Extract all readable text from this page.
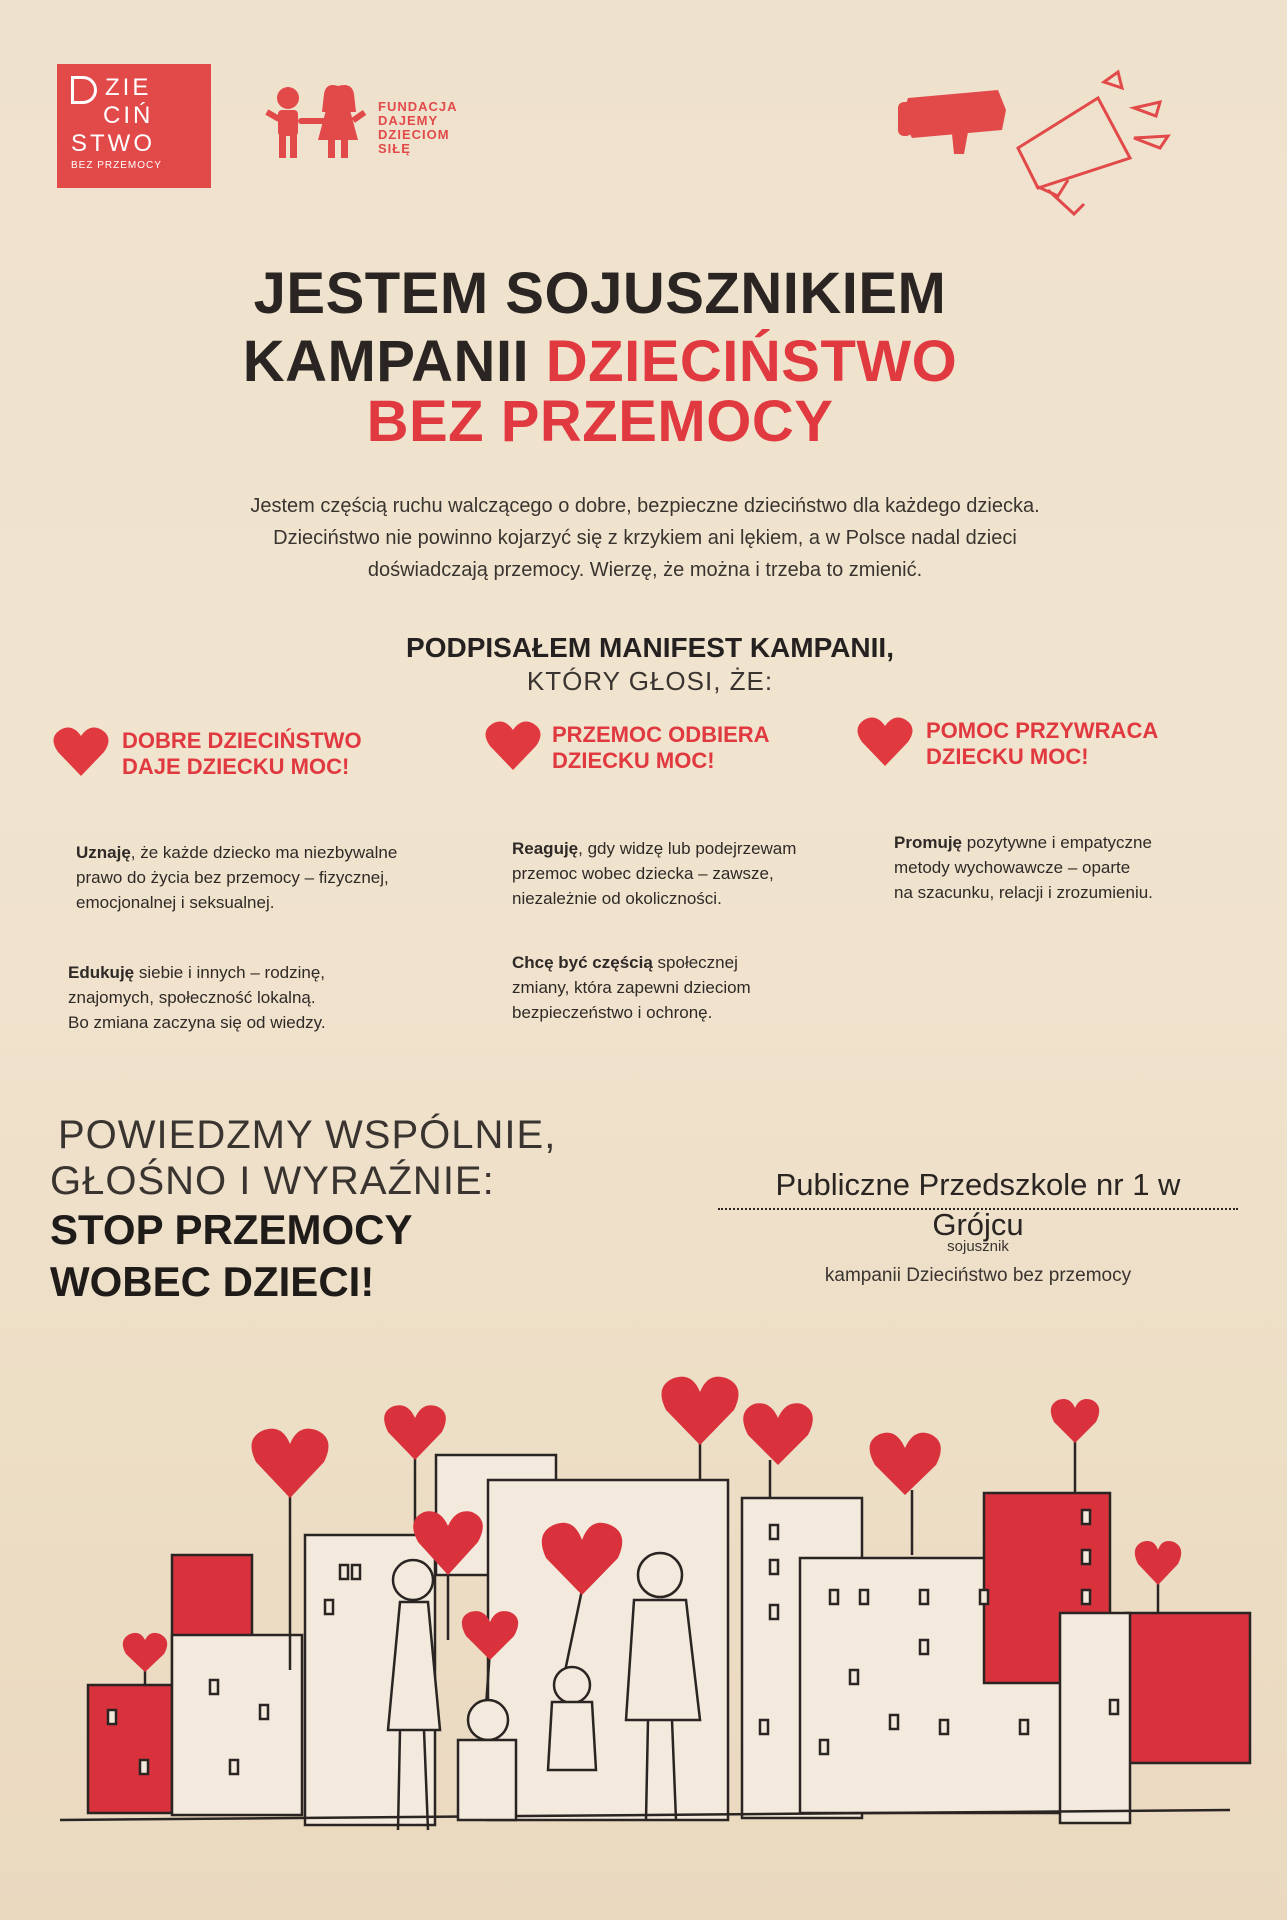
ZIE
CIŃ
STWO
BEZ PRZEMOCY
FUNDACJA
DAJEMY
DZIECIOM
SIŁĘ
JESTEM SOJUSZNIKIEM
KAMPANII DZIECIŃSTWO
BEZ PRZEMOCY
Jestem częścią ruchu walczącego o dobre, bezpieczne dzieciństwo dla każdego dziecka.
Dzieciństwo nie powinno kojarzyć się z krzykiem ani lękiem, a w Polsce nadal dzieci
doświadczają przemocy. Wierzę, że można i trzeba to zmienić.
PODPISAŁEM MANIFEST KAMPANII,
KTÓRY GŁOSI, ŻE:
DOBRE DZIECIŃSTWO
DAJE DZIECKU MOC!
PRZEMOC ODBIERA
DZIECKU MOC!
POMOC PRZYWRACA
DZIECKU MOC!
Uznaję, że każde dziecko ma niezbywalne
prawo do życia bez przemocy – fizycznej,
emocjonalnej i seksualnej.
Reaguję, gdy widzę lub podejrzewam
przemoc wobec dziecka – zawsze,
niezależnie od okoliczności.
Promuję pozytywne i empatyczne
metody wychowawcze – oparte
na szacunku, relacji i zrozumieniu.
Edukuję siebie i innych – rodzinę,
znajomych, społeczność lokalną.
Bo zmiana zaczyna się od wiedzy.
Chcę być częścią społecznej
zmiany, która zapewni dzieciom
bezpieczeństwo i ochronę.
POWIEDZMY WSPÓLNIE,
GŁOŚNO I WYRAŹNIE:
STOP PRZEMOCY
WOBEC DZIECI!
Publiczne Przedszkole nr 1 w
Grójcu
sojusznik
kampanii Dzieciństwo bez przemocy
